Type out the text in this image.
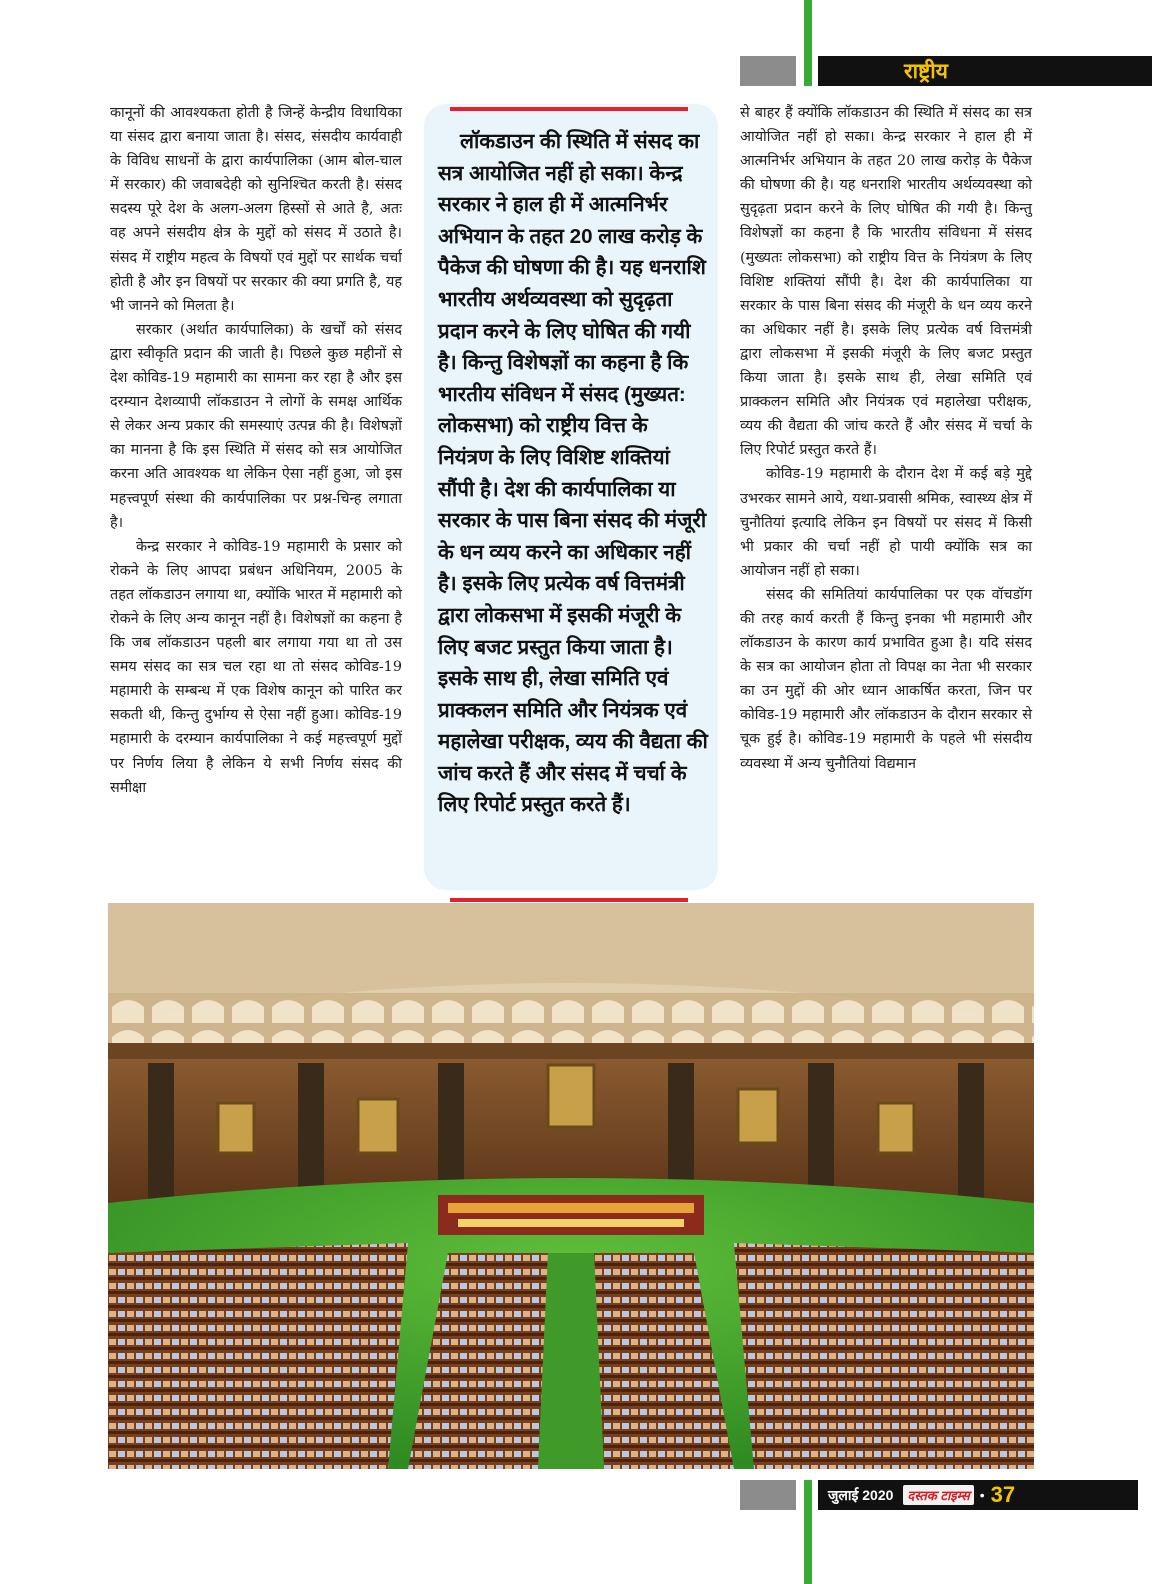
राष्ट्रीय

कानूनों की आवश्यकता होती है जिन्हें केन्द्रीय विधायिका या संसद द्वारा बनाया जाता है। संसद, संसदीय कार्यवाही के विविध साधनों के द्वारा कार्यपालिका (आम बोल-चाल में सरकार) की जवाबदेही को सुनिश्चित करती है। संसद सदस्य पूरे देश के अलग-अलग हिस्सों से आते है, अतः वह अपने संसदीय क्षेत्र के मुद्दों को संसद में उठाते है। संसद में राष्ट्रीय महत्व के विषयों एवं मुद्दों पर सार्थक चर्चा होती है और इन विषयों पर सरकार की क्या प्रगति है, यह भी जानने को मिलता है।

सरकार (अर्थात कार्यपालिका) के खर्चों को संसद द्वारा स्वीकृति प्रदान की जाती है। पिछले कुछ महीनों से देश कोविड-19 महामारी का सामना कर रहा है और इस दरम्यान देशव्यापी लॉकडाउन ने लोगों के समक्ष आर्थिक से लेकर अन्य प्रकार की समस्याएं उत्पन्न की है। विशेषज्ञों का मानना है कि इस स्थिति में संसद को सत्र आयोजित करना अति आवश्यक था लेकिन ऐसा नहीं हुआ, जो इस महत्त्वपूर्ण संस्था की कार्यपालिका पर प्रश्न-चिन्ह लगाता है।

केन्द्र सरकार ने कोविड-19 महामारी के प्रसार को रोकने के लिए आपदा प्रबंधन अधिनियम, 2005 के तहत लॉकडाउन लगाया था, क्योंकि भारत में महामारी को रोकने के लिए अन्य कानून नहीं है। विशेषज्ञों का कहना है कि जब लॉकडाउन पहली बार लगाया गया था तो उस समय संसद का सत्र चल रहा था तो संसद कोविड-19 महामारी के सम्बन्ध में एक विशेष कानून को पारित कर सकती थी, किन्तु दुर्भाग्य से ऐसा नहीं हुआ। कोविड-19 महामारी के दरम्यान कार्यपालिका ने कई महत्त्वपूर्ण मुद्दों पर निर्णय लिया है लेकिन ये सभी निर्णय संसद की समीक्षा

लॉकडाउन की स्थिति में संसद का सत्र आयोजित नहीं हो सका। केन्द्र सरकार ने हाल ही में आत्मनिर्भर अभियान के तहत 20 लाख करोड़ के पैकेज की घोषणा की है। यह धनराशि भारतीय अर्थव्यवस्था को सुदृढ़ता प्रदान करने के लिए घोषित की गयी है। किन्तु विशेषज्ञों का कहना है कि भारतीय संविधन में संसद (मुख्यत: लोकसभा) को राष्ट्रीय वित्त के नियंत्रण के लिए विशिष्ट शक्तियां सौंपी है। देश की कार्यपालिका या सरकार के पास बिना संसद की मंजूरी के धन व्यय करने का अधिकार नहीं है। इसके लिए प्रत्येक वर्ष वित्तमंत्री द्वारा लोकसभा में इसकी मंजूरी के लिए बजट प्रस्तुत किया जाता है। इसके साथ ही, लेखा समिति एवं प्राक्कलन समिति और नियंत्रक एवं महालेखा परीक्षक, व्यय की वैद्यता की जांच करते हैं और संसद में चर्चा के लिए रिपोर्ट प्रस्तुत करते हैं।

से बाहर हैं क्योंकि लॉकडाउन की स्थिति में संसद का सत्र आयोजित नहीं हो सका। केन्द्र सरकार ने हाल ही में आत्मनिर्भर अभियान के तहत 20 लाख करोड़ के पैकेज की घोषणा की है। यह धनराशि भारतीय अर्थव्यवस्था को सुदृढ़ता प्रदान करने के लिए घोषित की गयी है। किन्तु विशेषज्ञों का कहना है कि भारतीय संविधना में संसद (मुख्यतः लोकसभा) को राष्ट्रीय वित्त के नियंत्रण के लिए विशिष्ट शक्तियां सौंपी है। देश की कार्यपालिका या सरकार के पास बिना संसद की मंजूरी के धन व्यय करने का अधिकार नहीं है। इसके लिए प्रत्येक वर्ष वित्तमंत्री द्वारा लोकसभा में इसकी मंजूरी के लिए बजट प्रस्तुत किया जाता है। इसके साथ ही, लेखा समिति एवं प्राक्कलन समिति और नियंत्रक एवं महालेखा परीक्षक, व्यय की वैद्यता की जांच करते हैं और संसद में चर्चा के लिए रिपोर्ट प्रस्तुत करते हैं।

कोविड-19 महामारी के दौरान देश में कई बड़े मुद्दे उभरकर सामने आये, यथा-प्रवासी श्रमिक, स्वास्थ्य क्षेत्र में चुनौतियां इत्यादि लेकिन इन विषयों पर संसद में किसी भी प्रकार की चर्चा नहीं हो पायी क्योंकि सत्र का आयोजन नहीं हो सका।

संसद की समितियां कार्यपालिका पर एक वॉचडॉग की तरह कार्य करती हैं किन्तु इनका भी महामारी और लॉकडाउन के कारण कार्य प्रभावित हुआ है। यदि संसद के सत्र का आयोजन होता तो विपक्ष का नेता भी सरकार का उन मुद्दों की ओर ध्यान आकर्षित करता, जिन पर कोविड-19 महामारी और लॉकडाउन के दौरान सरकार से चूक हुई है। कोविड-19 महामारी के पहले भी संसदीय व्यवस्था में अन्य चुनौतियां विद्यमान

जुलाई 2020	दस्तक टाइम्स • 37
